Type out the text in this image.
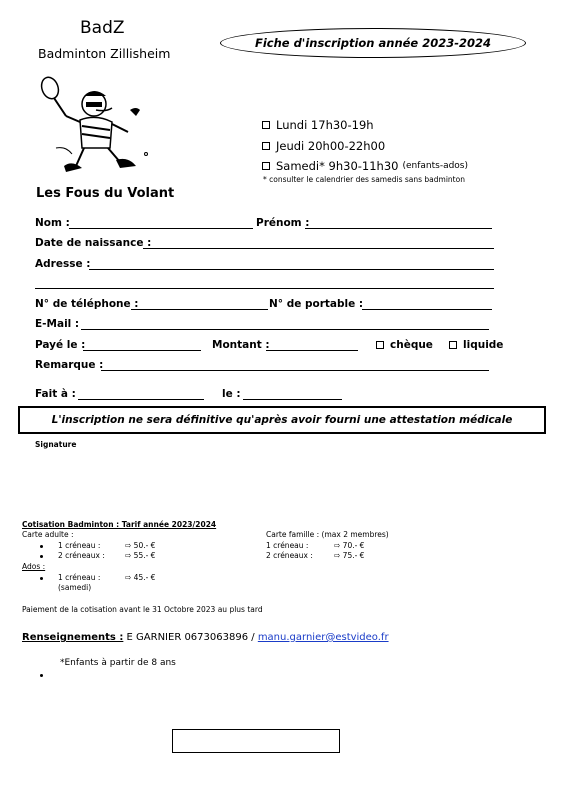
BadZ
Badminton Zillisheim
Fiche d'inscription année 2023-2024
Lundi 17h30-19h
Jeudi 20h00-22h00
Samedi* 9h30-11h30 (enfants-ados)
* consulter le calendrier des samedis sans badminton
Les Fous du Volant
Nom :	Prénom :
Date de naissance :
Adresse :
N° de téléphone :	N° de portable :
E-Mail :
Payé le :	Montant :	chèque	liquide
Remarque :
Fait à :	le :
L'inscription ne sera définitive qu'après avoir fourni une attestation médicale
Signature
Cotisation Badminton : Tarif année 2023/2024
Carte adulte :
1 créneau :	⇨ 50.- €
2 créneaux :	⇨ 55.- €
Ados :
1 créneau :
(samedi)
⇨ 45.- €
Carte famille : (max 2 membres)
1 créneau :	⇨ 70.- €
2 créneaux :	⇨ 75.- €
Paiement de la cotisation avant le 31 Octobre 2023 au plus tard
Renseignements : E GARNIER 0673063896 / manu.garnier@estvideo.fr
*Enfants à partir de 8 ans
